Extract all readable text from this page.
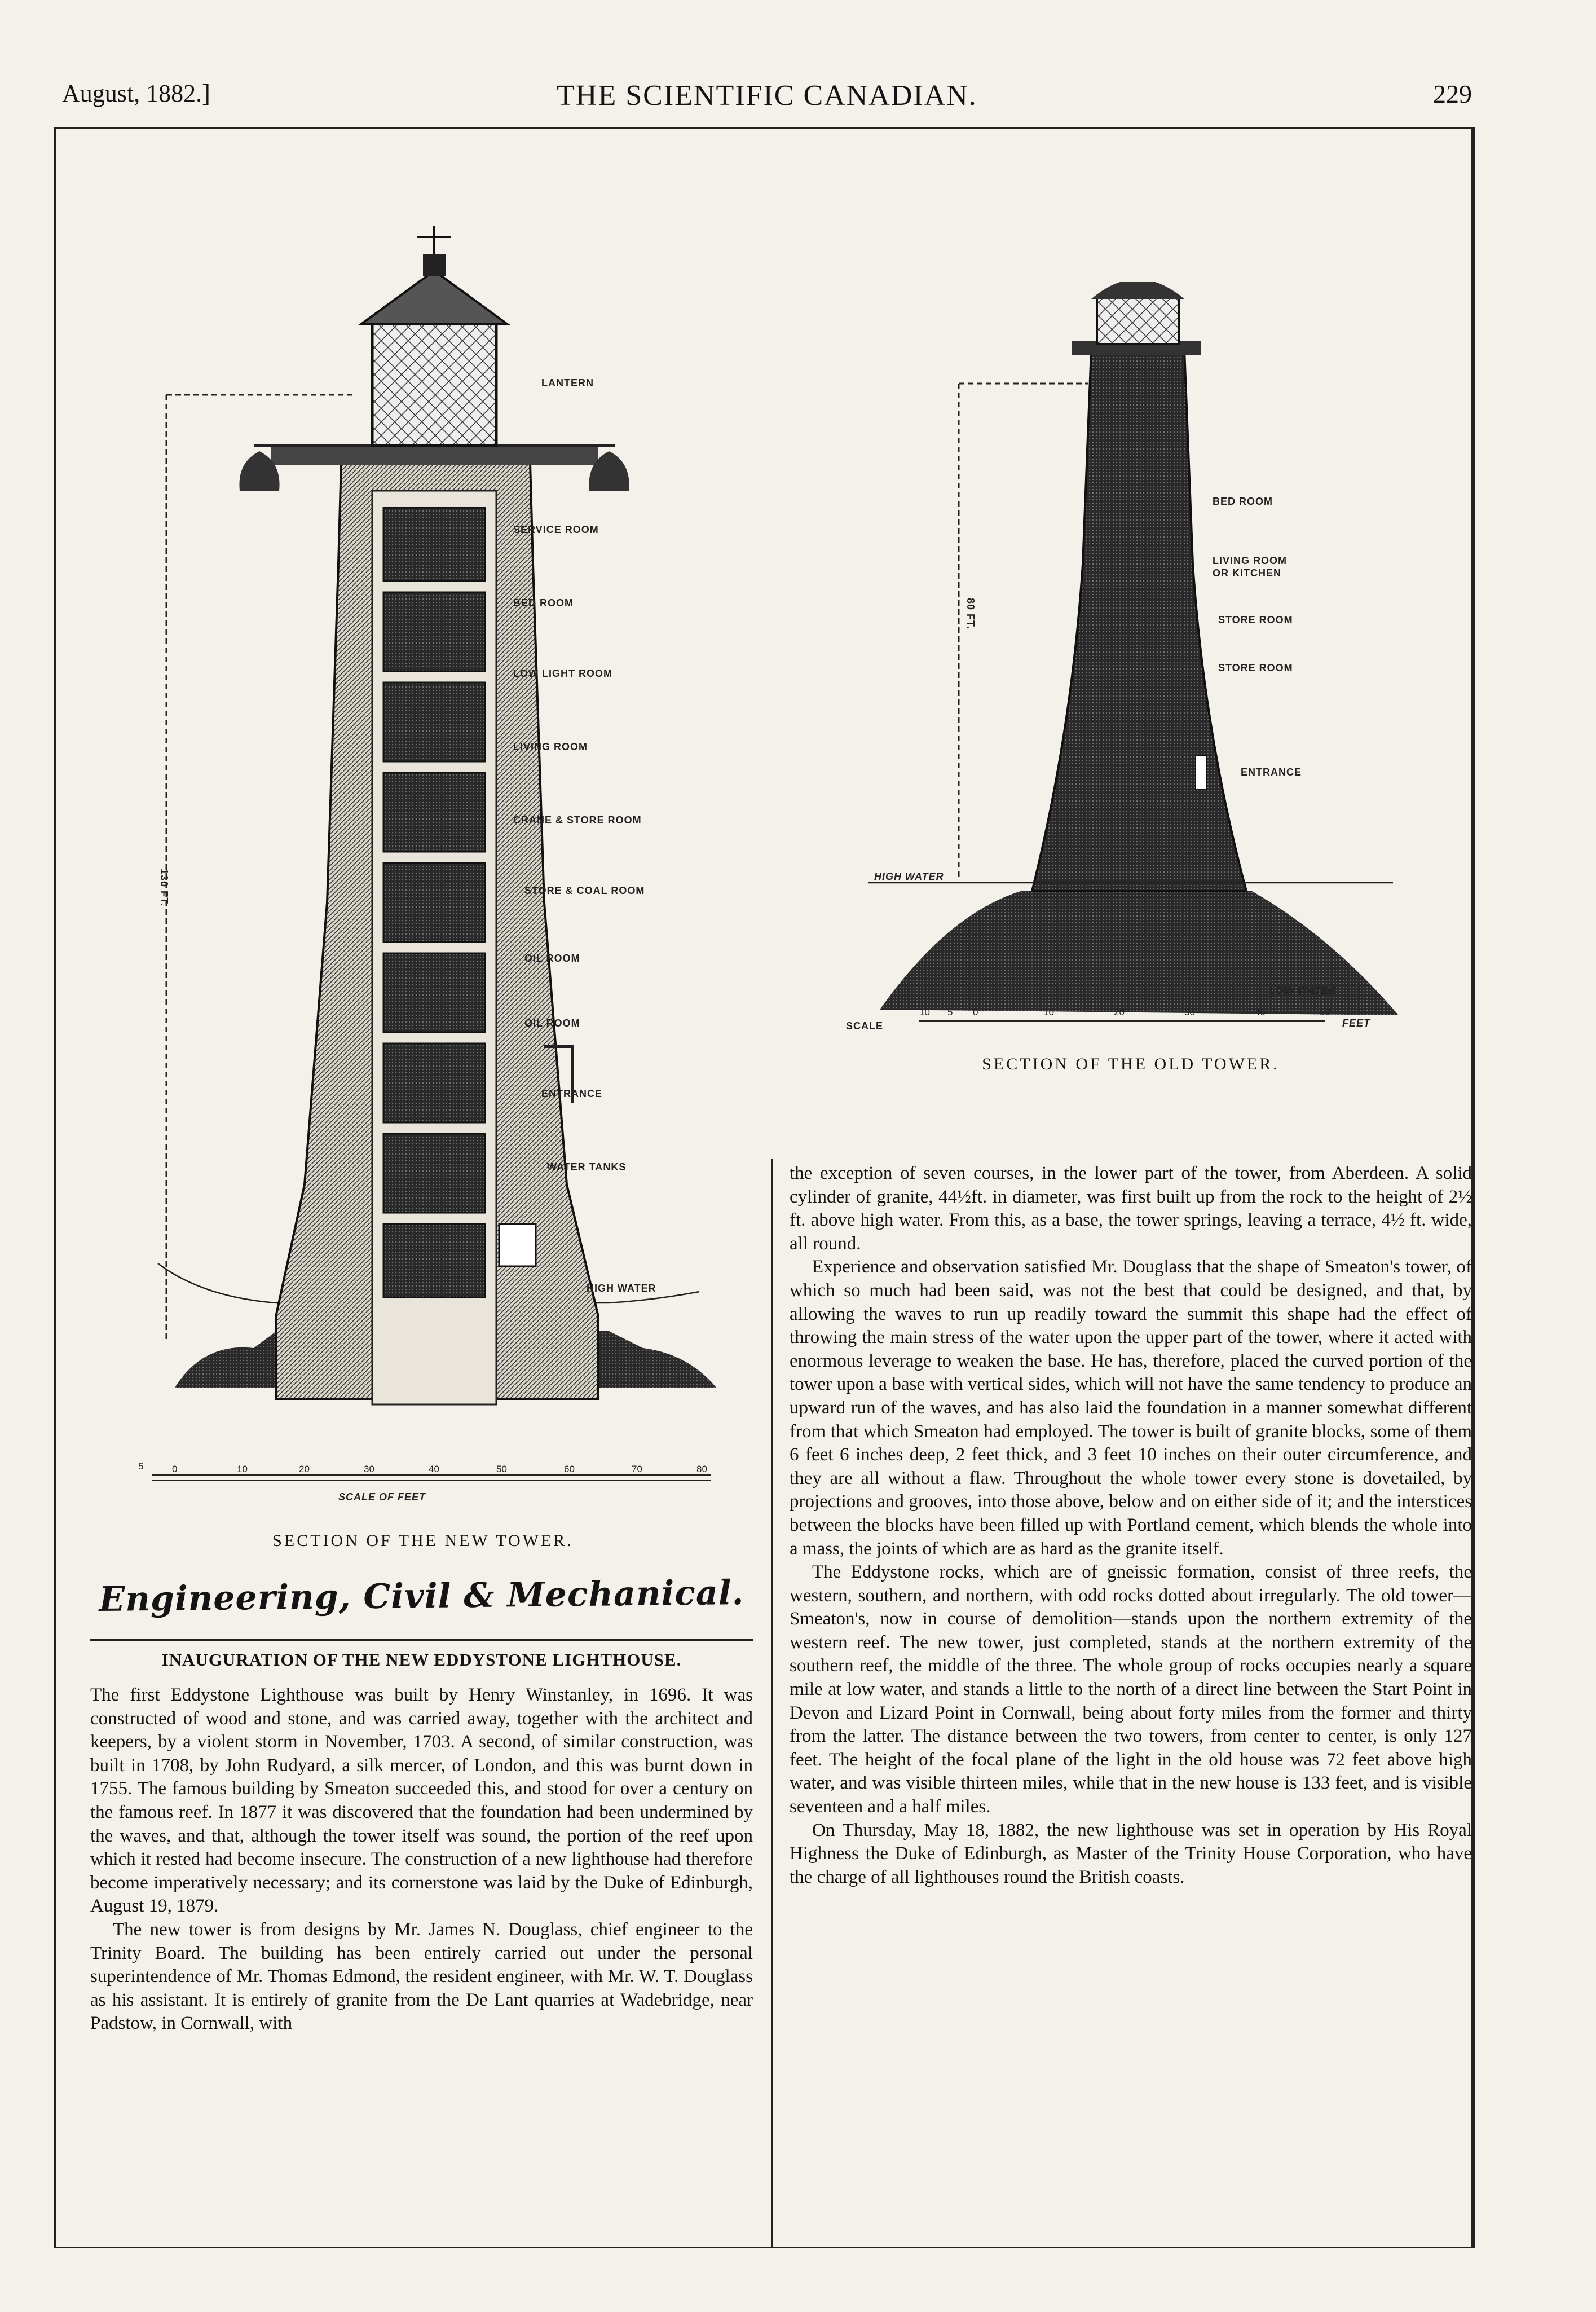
August, 1882.]	THE SCIENTIFIC CANADIAN.	229
130 FT.
LANTERN
SERVICE ROOM
BED ROOM
LOW LIGHT ROOM
LIVING ROOM
CRANE & STORE ROOM
STORE & COAL ROOM
OIL ROOM
OIL ROOM
ENTRANCE
WATER TANKS
HIGH WATER
5	0	10	20	30	40	50	60	70	80
SCALE OF FEET
SECTION OF THE NEW TOWER.
80 FT.
BED ROOM
LIVING ROOM
OR KITCHEN
STORE ROOM
STORE ROOM
ENTRANCE
HIGH WATER
LOW WATER
SCALE
10 5 0	10	20	30	40	50
FEET
SECTION OF THE OLD TOWER.
Engineering, Civil & Mechanical.
INAUGURATION OF THE NEW EDDYSTONE LIGHTHOUSE.

The first Eddystone Lighthouse was built by Henry Winstanley, in 1696. It was constructed of wood and stone, and was carried away, together with the architect and keepers, by a violent storm in November, 1703. A second, of similar construction, was built in 1708, by John Rudyard, a silk mercer, of London, and this was burnt down in 1755. The famous building by Smeaton succeeded this, and stood for over a century on the famous reef. In 1877 it was discovered that the foundation had been undermined by the waves, and that, although the tower itself was sound, the portion of the reef upon which it rested had become insecure. The construction of a new lighthouse had therefore become imperatively necessary; and its cornerstone was laid by the Duke of Edinburgh, August 19, 1879.

The new tower is from designs by Mr. James N. Douglass, chief engineer to the Trinity Board. The building has been entirely carried out under the personal superintendence of Mr. Thomas Edmond, the resident engineer, with Mr. W. T. Douglass as his assistant. It is entirely of granite from the De Lant quarries at Wadebridge, near Padstow, in Cornwall, with

the exception of seven courses, in the lower part of the tower, from Aberdeen. A solid cylinder of granite, 44½ft. in diameter, was first built up from the rock to the height of 2½ ft. above high water. From this, as a base, the tower springs, leaving a terrace, 4½ ft. wide, all round.

Experience and observation satisfied Mr. Douglass that the shape of Smeaton's tower, of which so much had been said, was not the best that could be designed, and that, by allowing the waves to run up readily toward the summit this shape had the effect of throwing the main stress of the water upon the upper part of the tower, where it acted with enormous leverage to weaken the base. He has, therefore, placed the curved portion of the tower upon a base with vertical sides, which will not have the same tendency to produce an upward run of the waves, and has also laid the foundation in a manner somewhat different from that which Smeaton had employed. The tower is built of granite blocks, some of them 6 feet 6 inches deep, 2 feet thick, and 3 feet 10 inches on their outer circumference, and they are all without a flaw. Throughout the whole tower every stone is dovetailed, by projections and grooves, into those above, below and on either side of it; and the interstices between the blocks have been filled up with Portland cement, which blends the whole into a mass, the joints of which are as hard as the granite itself.

The Eddystone rocks, which are of gneissic formation, consist of three reefs, the western, southern, and northern, with odd rocks dotted about irregularly. The old tower—Smeaton's, now in course of demolition—stands upon the northern extremity of the western reef. The new tower, just completed, stands at the northern extremity of the southern reef, the middle of the three. The whole group of rocks occupies nearly a square mile at low water, and stands a little to the north of a direct line between the Start Point in Devon and Lizard Point in Cornwall, being about forty miles from the former and thirty from the latter. The distance between the two towers, from center to center, is only 127 feet. The height of the focal plane of the light in the old house was 72 feet above high water, and was visible thirteen miles, while that in the new house is 133 feet, and is visible seventeen and a half miles.

On Thursday, May 18, 1882, the new lighthouse was set in operation by His Royal Highness the Duke of Edinburgh, as Master of the Trinity House Corporation, who have the charge of all lighthouses round the British coasts.
